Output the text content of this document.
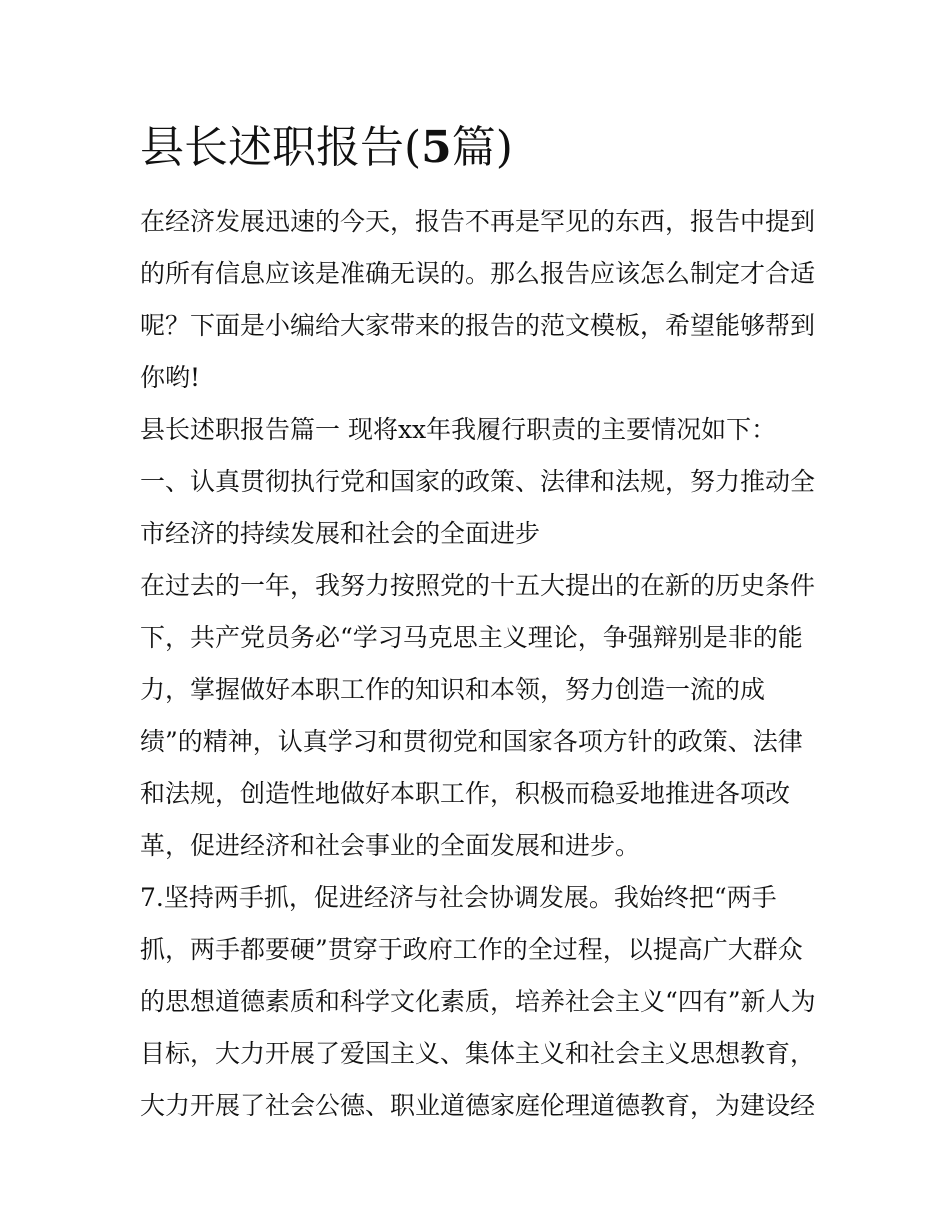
县长述职报告(5篇)

在经济发展迅速的今天，报告不再是罕见的东西，报告中提到

的所有信息应该是准确无误的。那么报告应该怎么制定才合适

呢？下面是小编给大家带来的报告的范文模板，希望能够帮到

你哟!

县长述职报告篇一 现将xx年我履行职责的主要情况如下：

一、认真贯彻执行党和国家的政策、法律和法规，努力推动全

市经济的持续发展和社会的全面进步

在过去的一年，我努力按照党的十五大提出的在新的历史条件

下，共产党员务必“学习马克思主义理论，争强辩别是非的能

力，掌握做好本职工作的知识和本领，努力创造一流的成

绩”的精神，认真学习和贯彻党和国家各项方针的政策、法律

和法规，创造性地做好本职工作，积极而稳妥地推进各项改

革，促进经济和社会事业的全面发展和进步。

7.坚持两手抓，促进经济与社会协调发展。我始终把“两手

抓，两手都要硬”贯穿于政府工作的全过程，以提高广大群众

的思想道德素质和科学文化素质，培养社会主义“四有”新人为

目标，大力开展了爱国主义、集体主义和社会主义思想教育，

大力开展了社会公德、职业道德家庭伦理道德教育，为建设经
